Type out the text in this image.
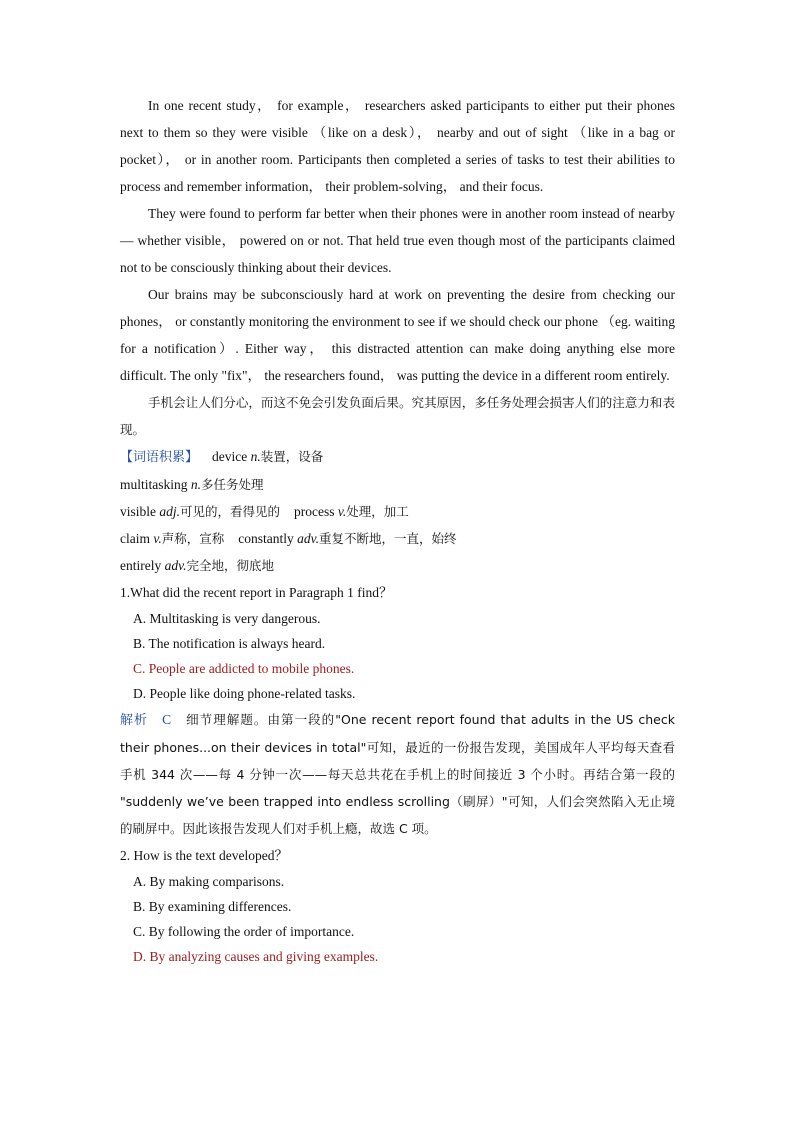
In one recent study， for example， researchers asked participants to either put their phones next to them so they were visible （like on a desk）， nearby and out of sight （like in a bag or pocket）， or in another room. Participants then completed a series of tasks to test their abilities to process and remember information， their problem-solving， and their focus.

They were found to perform far better when their phones were in another room instead of nearby — whether visible， powered on or not. That held true even though most of the participants claimed not to be consciously thinking about their devices.

Our brains may be subconsciously hard at work on preventing the desire from checking our phones， or constantly monitoring the environment to see if we should check our phone （eg. waiting for a notification）. Either way， this distracted attention can make doing anything else more difficult. The only "fix"， the researchers found， was putting the device in a different room entirely.

手机会让人们分心，而这不免会引发负面后果。究其原因，多任务处理会损害人们的注意力和表现。

【词语积累】 device n.装置，设备

multitasking n.多任务处理

visible adj.可见的，看得见的 process v.处理，加工

claim v.声称，宣称 constantly adv.重复不断地，一直，始终

entirely adv.完全地，彻底地

1.What did the recent report in Paragraph 1 find？

A. Multitasking is very dangerous.

B. The notification is always heard.

C. People are addicted to mobile phones.

D. People like doing phone-related tasks.

解析 C 细节理解题。由第一段的"One recent report found that adults in the US check their phones...on their devices in total"可知，最近的一份报告发现，美国成年人平均每天查看手机 344 次——每 4 分钟一次——每天总共花在手机上的时间接近 3 个小时。再结合第一段的 "suddenly we’ve been trapped into endless scrolling（刷屏）"可知，人们会突然陷入无止境的刷屏中。因此该报告发现人们对手机上瘾，故选 C 项。

2. How is the text developed？

A. By making comparisons.

B. By examining differences.

C. By following the order of importance.

D. By analyzing causes and giving examples.
